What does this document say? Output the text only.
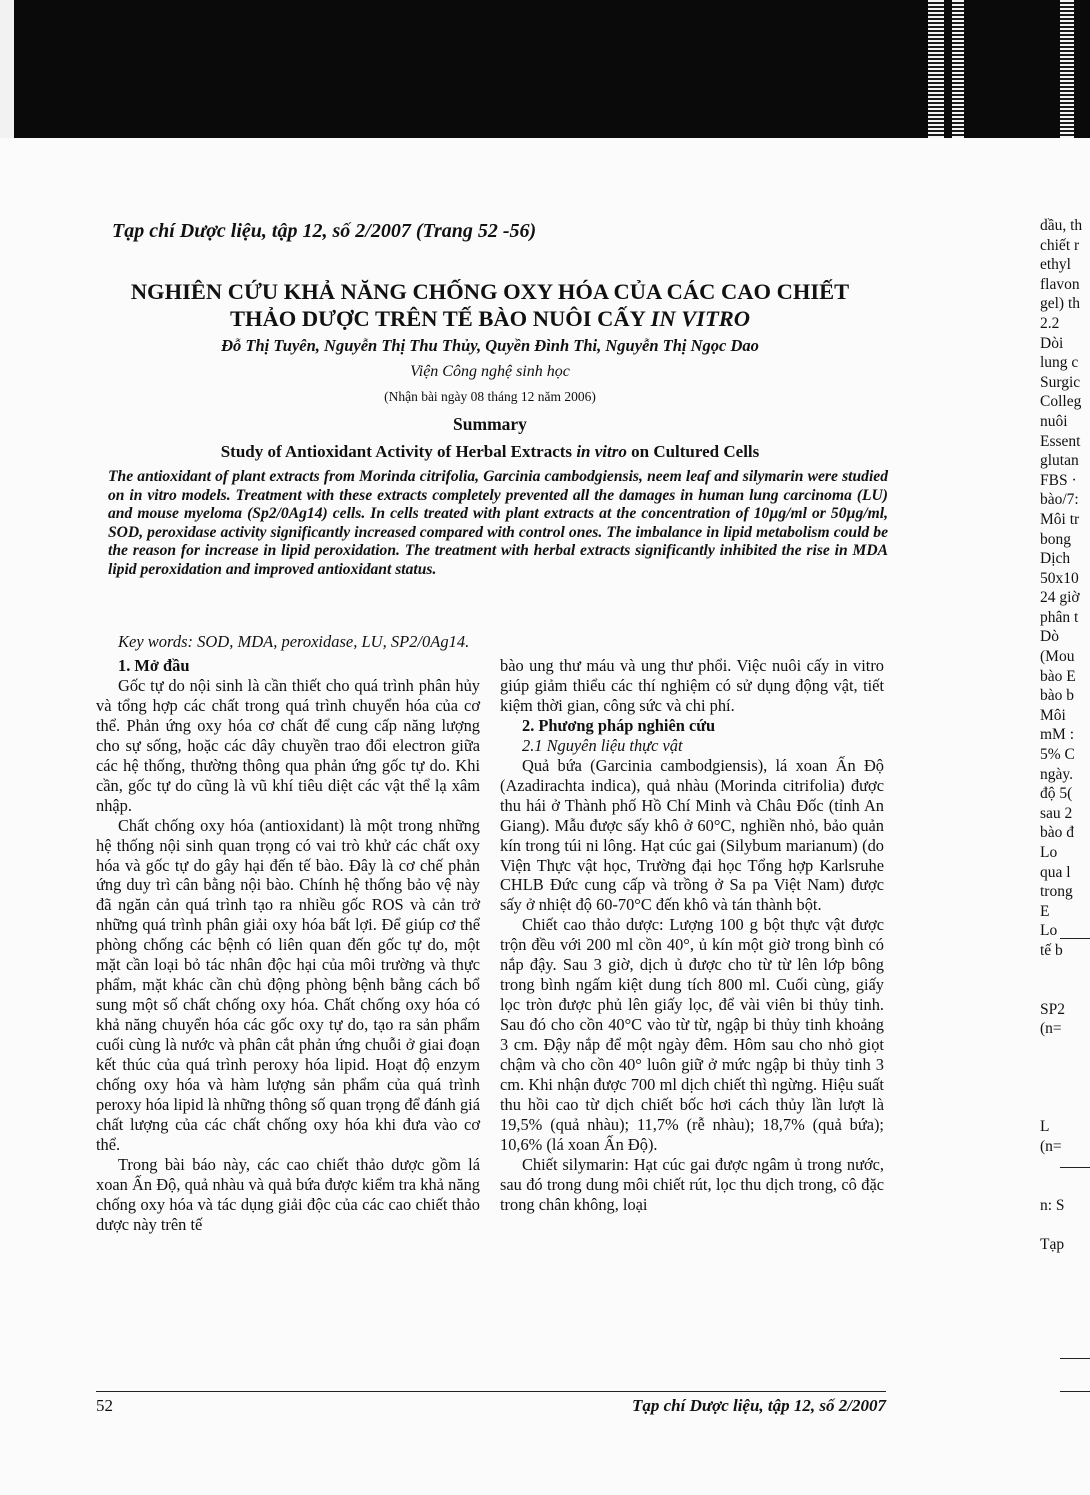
Tạp chí Dược liệu, tập 12, số 2/2007 (Trang 52 -56)

NGHIÊN CỨU KHẢ NĂNG CHỐNG OXY HÓA CỦA CÁC CAO CHIẾT
THẢO DƯỢC TRÊN TẾ BÀO NUÔI CẤY IN VITRO

Đỗ Thị Tuyên, Nguyễn Thị Thu Thủy, Quyền Đình Thi, Nguyễn Thị Ngọc Dao

Viện Công nghệ sinh học

(Nhận bài ngày 08 tháng 12 năm 2006)

Summary

Study of Antioxidant Activity of Herbal Extracts in vitro on Cultured Cells

The antioxidant of plant extracts from Morinda citrifolia, Garcinia cambodgiensis, neem leaf and silymarin were studied on in vitro models. Treatment with these extracts completely prevented all the damages in human lung carcinoma (LU) and mouse myeloma (Sp2/0Ag14) cells. In cells treated with plant extracts at the concentration of 10µg/ml or 50µg/ml, SOD, peroxidase activity significantly increased compared with control ones. The imbalance in lipid metabolism could be the reason for increase in lipid peroxidation. The treatment with herbal extracts significantly inhibited the rise in MDA lipid peroxidation and improved antioxidant status.

Key words: SOD, MDA, peroxidase, LU, SP2/0Ag14.

1. Mở đầu

Gốc tự do nội sinh là cần thiết cho quá trình phân hủy và tổng hợp các chất trong quá trình chuyển hóa của cơ thể. Phản ứng oxy hóa cơ chất để cung cấp năng lượng cho sự sống, hoặc các dây chuyền trao đổi electron giữa các hệ thống, thường thông qua phản ứng gốc tự do. Khi cần, gốc tự do cũng là vũ khí tiêu diệt các vật thể lạ xâm nhập.

Chất chống oxy hóa (antioxidant) là một trong những hệ thống nội sinh quan trọng có vai trò khử các chất oxy hóa và gốc tự do gây hại đến tế bào. Đây là cơ chế phản ứng duy trì cân bằng nội bào. Chính hệ thống bảo vệ này đã ngăn cản quá trình tạo ra nhiều gốc ROS và cản trở những quá trình phân giải oxy hóa bất lợi. Để giúp cơ thể phòng chống các bệnh có liên quan đến gốc tự do, một mặt cần loại bỏ tác nhân độc hại của môi trường và thực phẩm, mặt khác cần chủ động phòng bệnh bằng cách bổ sung một số chất chống oxy hóa. Chất chống oxy hóa có khả năng chuyển hóa các gốc oxy tự do, tạo ra sản phẩm cuối cùng là nước và phân cắt phản ứng chuỗi ở giai đoạn kết thúc của quá trình peroxy hóa lipid. Hoạt độ enzym chống oxy hóa và hàm lượng sản phẩm của quá trình peroxy hóa lipid là những thông số quan trọng để đánh giá chất lượng của các chất chống oxy hóa khi đưa vào cơ thể.

Trong bài báo này, các cao chiết thảo dược gồm lá xoan Ấn Độ, quả nhàu và quả bứa được kiểm tra khả năng chống oxy hóa và tác dụng giải độc của các cao chiết thảo dược này trên tế

bào ung thư máu và ung thư phổi. Việc nuôi cấy in vitro giúp giảm thiểu các thí nghiệm có sử dụng động vật, tiết kiệm thời gian, công sức và chi phí.

2. Phương pháp nghiên cứu
2.1 Nguyên liệu thực vật

Quả bứa (Garcinia cambodgiensis), lá xoan Ấn Độ (Azadirachta indica), quả nhàu (Morinda citrifolia) được thu hái ở Thành phố Hồ Chí Minh và Châu Đốc (tỉnh An Giang). Mẫu được sấy khô ở 60°C, nghiền nhỏ, bảo quản kín trong túi ni lông. Hạt cúc gai (Silybum marianum) (do Viện Thực vật học, Trường đại học Tổng hợp Karlsruhe CHLB Đức cung cấp và trồng ở Sa pa Việt Nam) được sấy ở nhiệt độ 60-70°C đến khô và tán thành bột.

Chiết cao thảo dược: Lượng 100 g bột thực vật được trộn đều với 200 ml cồn 40°, ủ kín một giờ trong bình có nắp đậy. Sau 3 giờ, dịch ủ được cho từ từ lên lớp bông trong bình ngấm kiệt dung tích 800 ml. Cuối cùng, giấy lọc tròn được phủ lên giấy lọc, để vài viên bi thủy tinh. Sau đó cho cồn 40°C vào từ từ, ngập bi thủy tinh khoảng 3 cm. Đậy nắp để một ngày đêm. Hôm sau cho nhỏ giọt chậm và cho cồn 40° luôn giữ ở mức ngập bi thủy tinh 3 cm. Khi nhận được 700 ml dịch chiết thì ngừng. Hiệu suất thu hồi cao từ dịch chiết bốc hơi cách thủy lần lượt là 19,5% (quả nhàu); 11,7% (rễ nhàu); 18,7% (quả bứa); 10,6% (lá xoan Ấn Độ).

Chiết silymarin: Hạt cúc gai được ngâm ủ trong nước, sau đó trong dung môi chiết rút, lọc thu dịch trong, cô đặc trong chân không, loại

52	Tạp chí Dược liệu, tập 12, số 2/2007

dầu, th
chiết r
ethyl
flavon
gel) th
2.2
Dòi
lung c
Surgic
Colleg
nuôi
Essent
glutan
FBS ·
bào/7:
Môi tr
bong
Dịch
50x10
24 giờ
phân t
Dò
(Mou
bào E
bào b
Môi
mM :
5% C
ngày.
độ 5(
sau 2
bào đ
Lo
qua l
trong
E
Lo
tế b
SP2
(n=
L
(n=
n: S
Tạp
